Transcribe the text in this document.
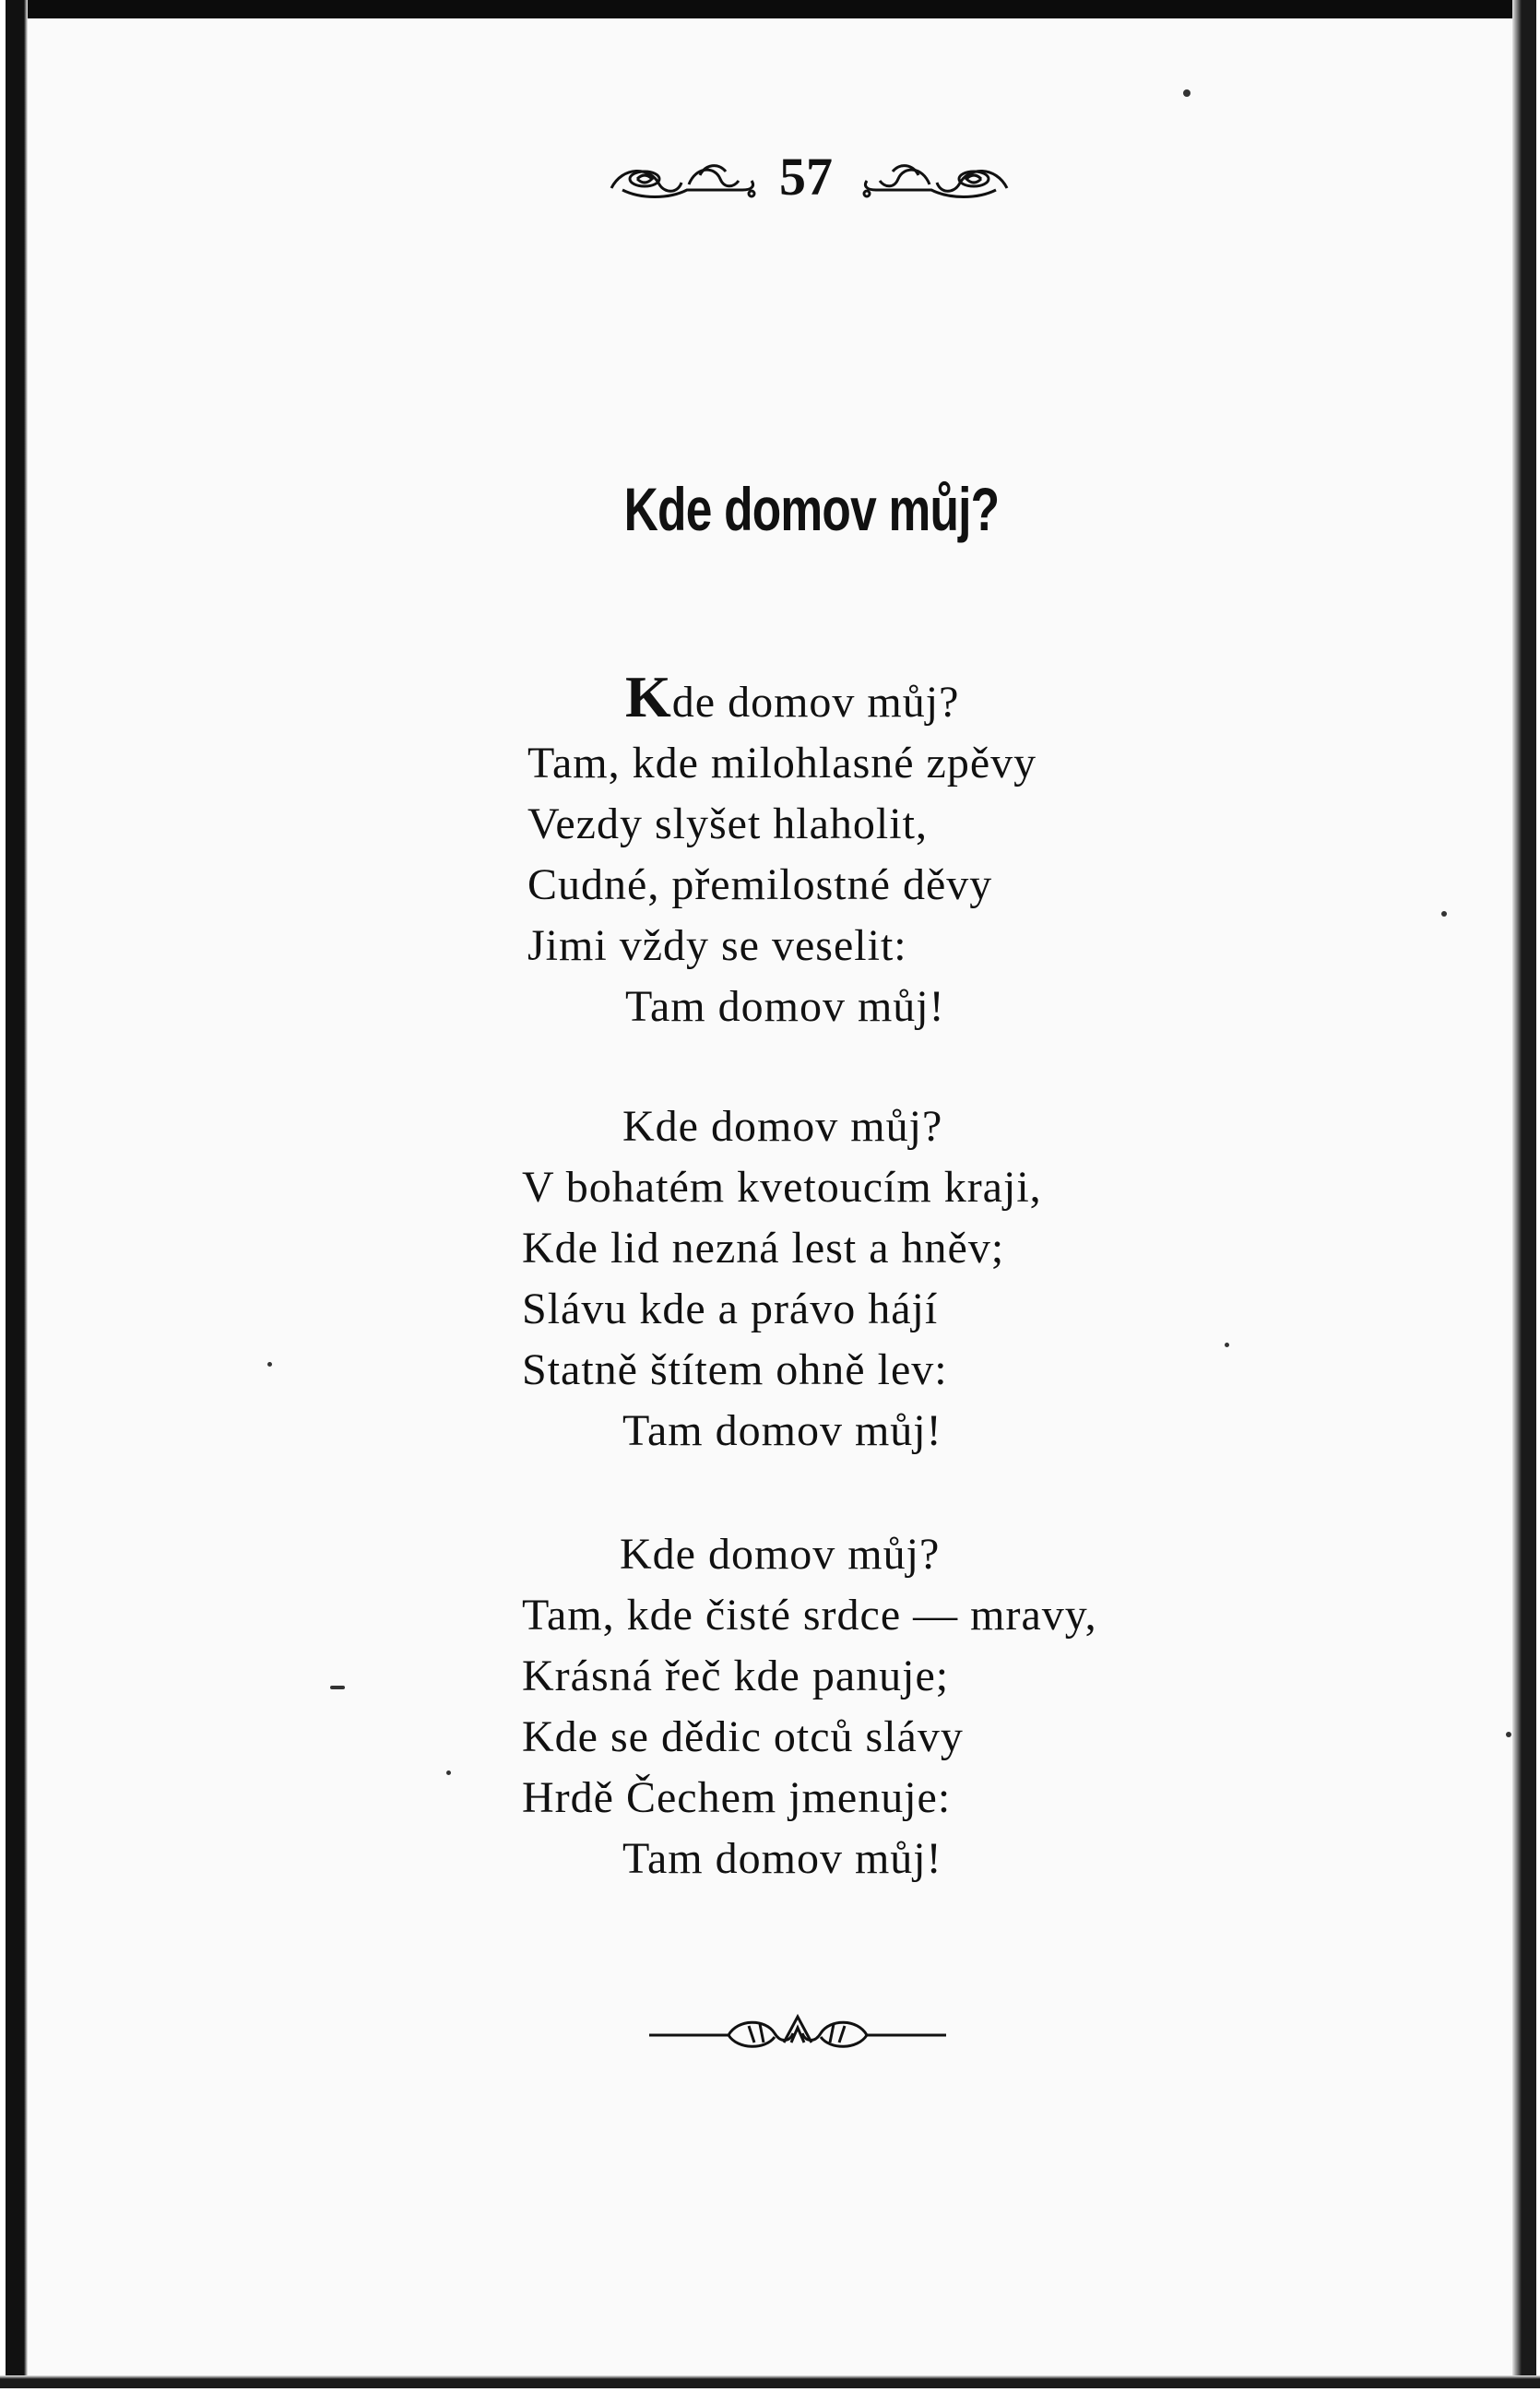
57
Kde domov můj?
Kde domov můj?
Tam, kde milohlasné zpěvy
Vezdy slyšet hlaholit,
Cudné, přemilostné děvy
Jimi vždy se veselit:
Tam domov můj!
Kde domov můj?
V bohatém kvetoucím kraji,
Kde lid nezná lest a hněv;
Slávu kde a právo hájí
Statně štítem ohně lev:
Tam domov můj!
Kde domov můj?
Tam, kde čisté srdce — mravy,
Krásná řeč kde panuje;
Kde se dědic otců slávy
Hrdě Čechem jmenuje:
Tam domov můj!
